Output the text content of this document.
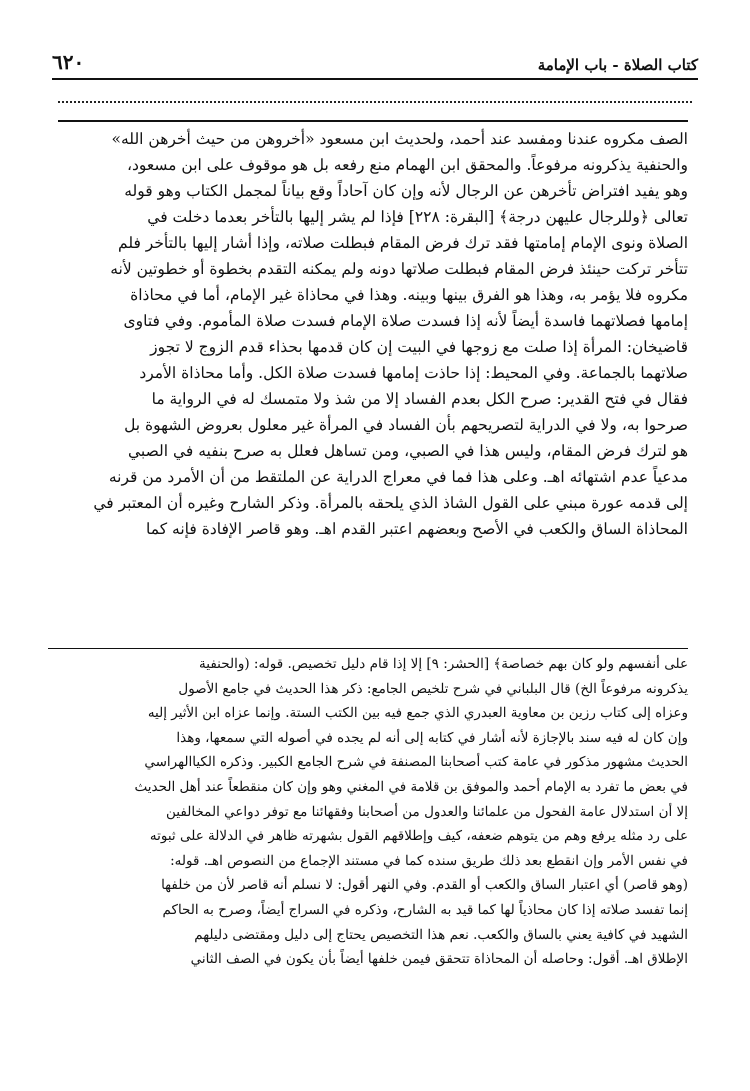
كتاب الصلاة - باب الإمامة
٦٢٠
الصف مكروه عندنا ومفسد عند أحمد، ولحديث ابن مسعود «أخروهن من حيث أخرهن الله»
والحنفية يذكرونه مرفوعاً. والمحقق ابن الهمام منع رفعه بل هو موقوف على ابن مسعود،
وهو يفيد افتراض تأخرهن عن الرجال لأنه وإن كان آحاداً وقع بياناً لمجمل الكتاب وهو قوله
تعالى ﴿وللرجال عليهن درجة﴾ [البقرة: ٢٢٨] فإذا لم يشر إليها بالتأخر بعدما دخلت في
الصلاة ونوى الإمام إمامتها فقد ترك فرض المقام فبطلت صلاته، وإذا أشار إليها بالتأخر فلم
تتأخر تركت حينئذ فرض المقام فبطلت صلاتها دونه ولم يمكنه التقدم بخطوة أو خطوتين لأنه
مكروه فلا يؤمر به، وهذا هو الفرق بينها وبينه. وهذا في محاذاة غير الإمام، أما في محاذاة
إمامها فصلاتهما فاسدة أيضاً لأنه إذا فسدت صلاة الإمام فسدت صلاة المأموم. وفي فتاوى
قاضيخان: المرأة إذا صلت مع زوجها في البيت إن كان قدمها بحذاء قدم الزوج لا تجوز
صلاتهما بالجماعة. وفي المحيط: إذا حاذت إمامها فسدت صلاة الكل. وأما محاذاة الأمرد
فقال في فتح القدير: صرح الكل بعدم الفساد إلا من شذ ولا متمسك له في الرواية ما
صرحوا به، ولا في الدراية لتصريحهم بأن الفساد في المرأة غير معلول بعروض الشهوة بل
هو لترك فرض المقام، وليس هذا في الصبي، ومن تساهل فعلل به صرح بنفيه في الصبي
مدعياً عدم اشتهائه اهـ. وعلى هذا فما في معراج الدراية عن الملتقط من أن الأمرد من قرنه
إلى قدمه عورة مبني على القول الشاذ الذي يلحقه بالمرأة. وذكر الشارح وغيره أن المعتبر في
المحاذاة الساق والكعب في الأصح وبعضهم اعتبر القدم اهـ. وهو قاصر الإفادة فإنه كما
على أنفسهم ولو كان بهم خصاصة﴾ [الحشر: ٩] إلا إذا قام دليل تخصيص. قوله: (والحنفية
يذكرونه مرفوعاً الخ) قال البلباني في شرح تلخيص الجامع: ذكر هذا الحديث في جامع الأصول
وعزاه إلى كتاب رزين بن معاوية العبدري الذي جمع فيه بين الكتب الستة. وإنما عزاه ابن الأثير إليه
وإن كان له فيه سند بالإجازة لأنه أشار في كتابه إلى أنه لم يجده في أصوله التي سمعها، وهذا
الحديث مشهور مذكور في عامة كتب أصحابنا المصنفة في شرح الجامع الكبير. وذكره الكياالهراسي
في بعض ما تفرد به الإمام أحمد والموفق بن قلامة في المغني وهو وإن كان منقطعاً عند أهل الحديث
إلا أن استدلال عامة الفحول من علمائنا والعدول من أصحابنا وفقهائنا مع توفر دواعي المخالفين
على رد مثله يرفع وهم من يتوهم ضعفه، كيف وإطلاقهم القول بشهرته ظاهر في الدلالة على ثبوته
في نفس الأمر وإن انقطع بعد ذلك طريق سنده كما في مستند الإجماع من النصوص اهـ. قوله:
(وهو قاصر) أي اعتبار الساق والكعب أو القدم. وفي النهر أقول: لا نسلم أنه قاصر لأن من خلفها
إنما تفسد صلاته إذا كان محاذياً لها كما قيد به الشارح، وذكره في السراج أيضاً، وصرح به الحاكم
الشهيد في كافية يعني بالساق والكعب. نعم هذا التخصيص يحتاج إلى دليل ومقتضى دليلهم
الإطلاق اهـ. أقول: وحاصله أن المحاذاة تتحقق فيمن خلفها أيضاً بأن يكون في الصف الثاني
